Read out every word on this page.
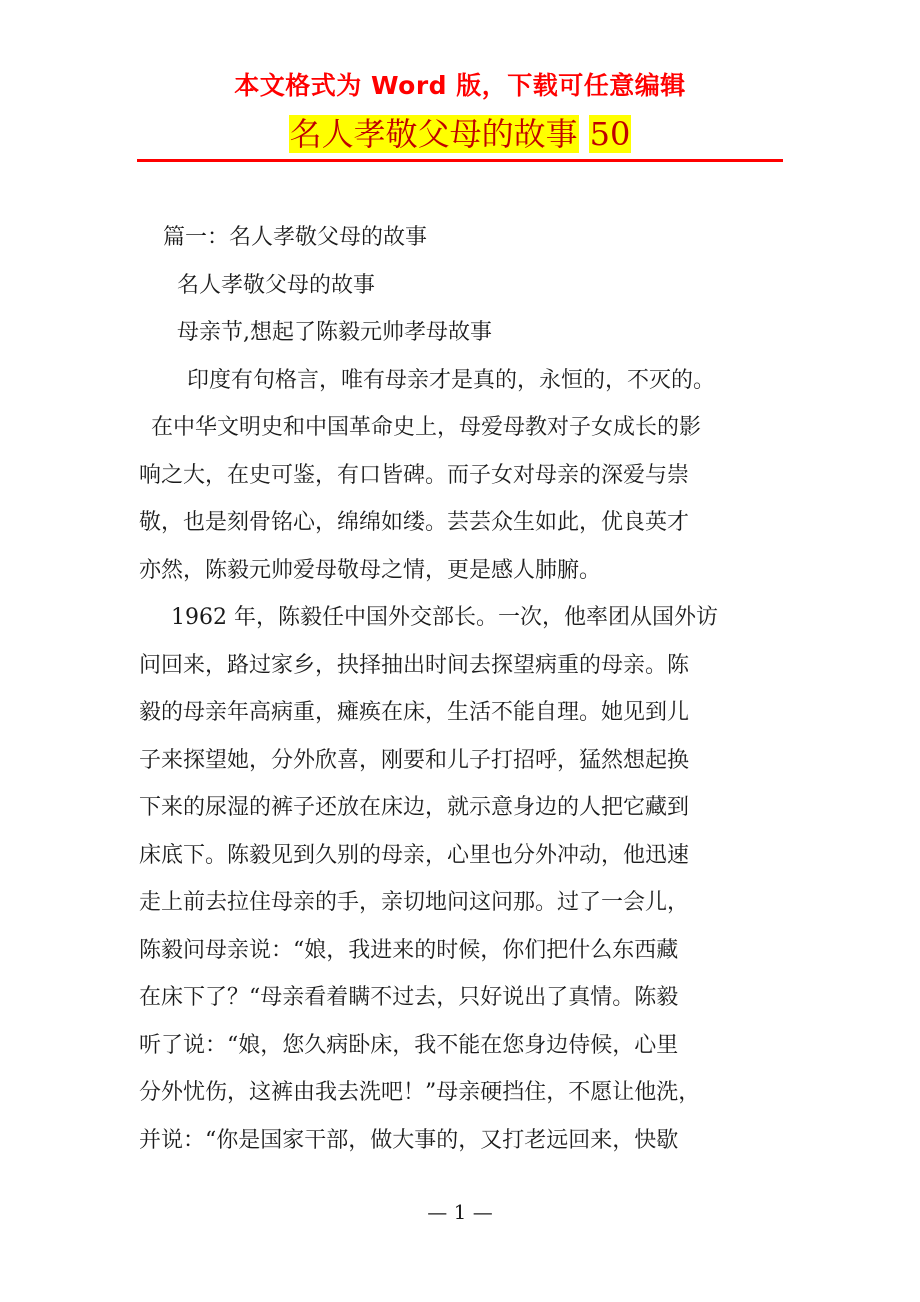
本文格式为 Word 版，下载可任意编辑
名人孝敬父母的故事 50
篇一：名人孝敬父母的故事
名人孝敬父母的故事
母亲节,想起了陈毅元帅孝母故事
印度有句格言，唯有母亲才是真的，永恒的，不灭的。
在中华文明史和中国革命史上，母爱母教对子女成长的影
响之大，在史可鉴，有口皆碑。而子女对母亲的深爱与崇
敬，也是刻骨铭心，绵绵如缕。芸芸众生如此，优良英才
亦然，陈毅元帅爱母敬母之情，更是感人肺腑。
1962 年，陈毅任中国外交部长。一次，他率团从国外访
问回来，路过家乡，抉择抽出时间去探望病重的母亲。陈
毅的母亲年高病重，瘫痪在床，生活不能自理。她见到儿
子来探望她，分外欣喜，刚要和儿子打招呼，猛然想起换
下来的尿湿的裤子还放在床边，就示意身边的人把它藏到
床底下。陈毅见到久别的母亲，心里也分外冲动，他迅速
走上前去拉住母亲的手，亲切地问这问那。过了一会儿，
陈毅问母亲说：“娘，我进来的时候，你们把什么东西藏
在床下了？“母亲看着瞒不过去，只好说出了真情。陈毅
听了说：“娘，您久病卧床，我不能在您身边侍候，心里
分外忧伤，这裤由我去洗吧！”母亲硬挡住，不愿让他洗，
并说：“你是国家干部，做大事的，又打老远回来，快歇
— 1 —
